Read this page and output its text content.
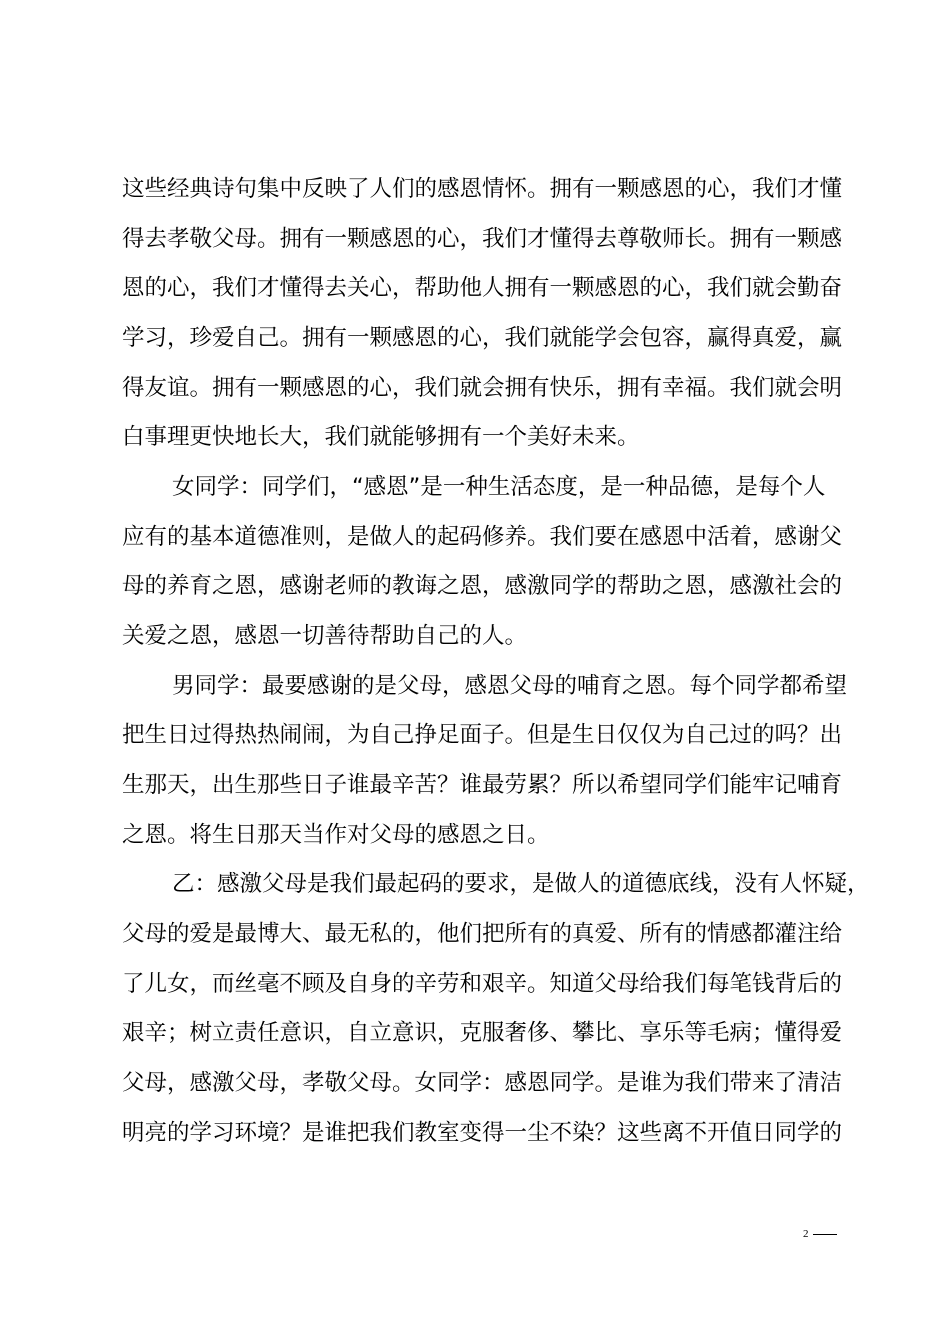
这些经典诗句集中反映了人们的感恩情怀。拥有一颗感恩的心，我们才懂
得去孝敬父母。拥有一颗感恩的心，我们才懂得去尊敬师长。拥有一颗感
恩的心，我们才懂得去关心，帮助他人拥有一颗感恩的心，我们就会勤奋
学习，珍爱自己。拥有一颗感恩的心，我们就能学会包容，赢得真爱，赢
得友谊。拥有一颗感恩的心，我们就会拥有快乐，拥有幸福。我们就会明
白事理更快地长大，我们就能够拥有一个美好未来。
女同学：同学们，“感恩”是一种生活态度，是一种品德，是每个人
应有的基本道德准则，是做人的起码修养。我们要在感恩中活着，感谢父
母的养育之恩，感谢老师的教诲之恩，感激同学的帮助之恩，感激社会的
关爱之恩，感恩一切善待帮助自己的人。
男同学：最要感谢的是父母，感恩父母的哺育之恩。每个同学都希望
把生日过得热热闹闹，为自己挣足面子。但是生日仅仅为自己过的吗？出
生那天，出生那些日子谁最辛苦？谁最劳累？所以希望同学们能牢记哺育
之恩。将生日那天当作对父母的感恩之日。
乙：感激父母是我们最起码的要求，是做人的道德底线，没有人怀疑，
父母的爱是最博大、最无私的，他们把所有的真爱、所有的情感都灌注给
了儿女，而丝毫不顾及自身的辛劳和艰辛。知道父母给我们每笔钱背后的
艰辛；树立责任意识，自立意识，克服奢侈、攀比、享乐等毛病；懂得爱
父母，感激父母，孝敬父母。女同学：感恩同学。是谁为我们带来了清洁
明亮的学习环境？是谁把我们教室变得一尘不染？这些离不开值日同学的
2
